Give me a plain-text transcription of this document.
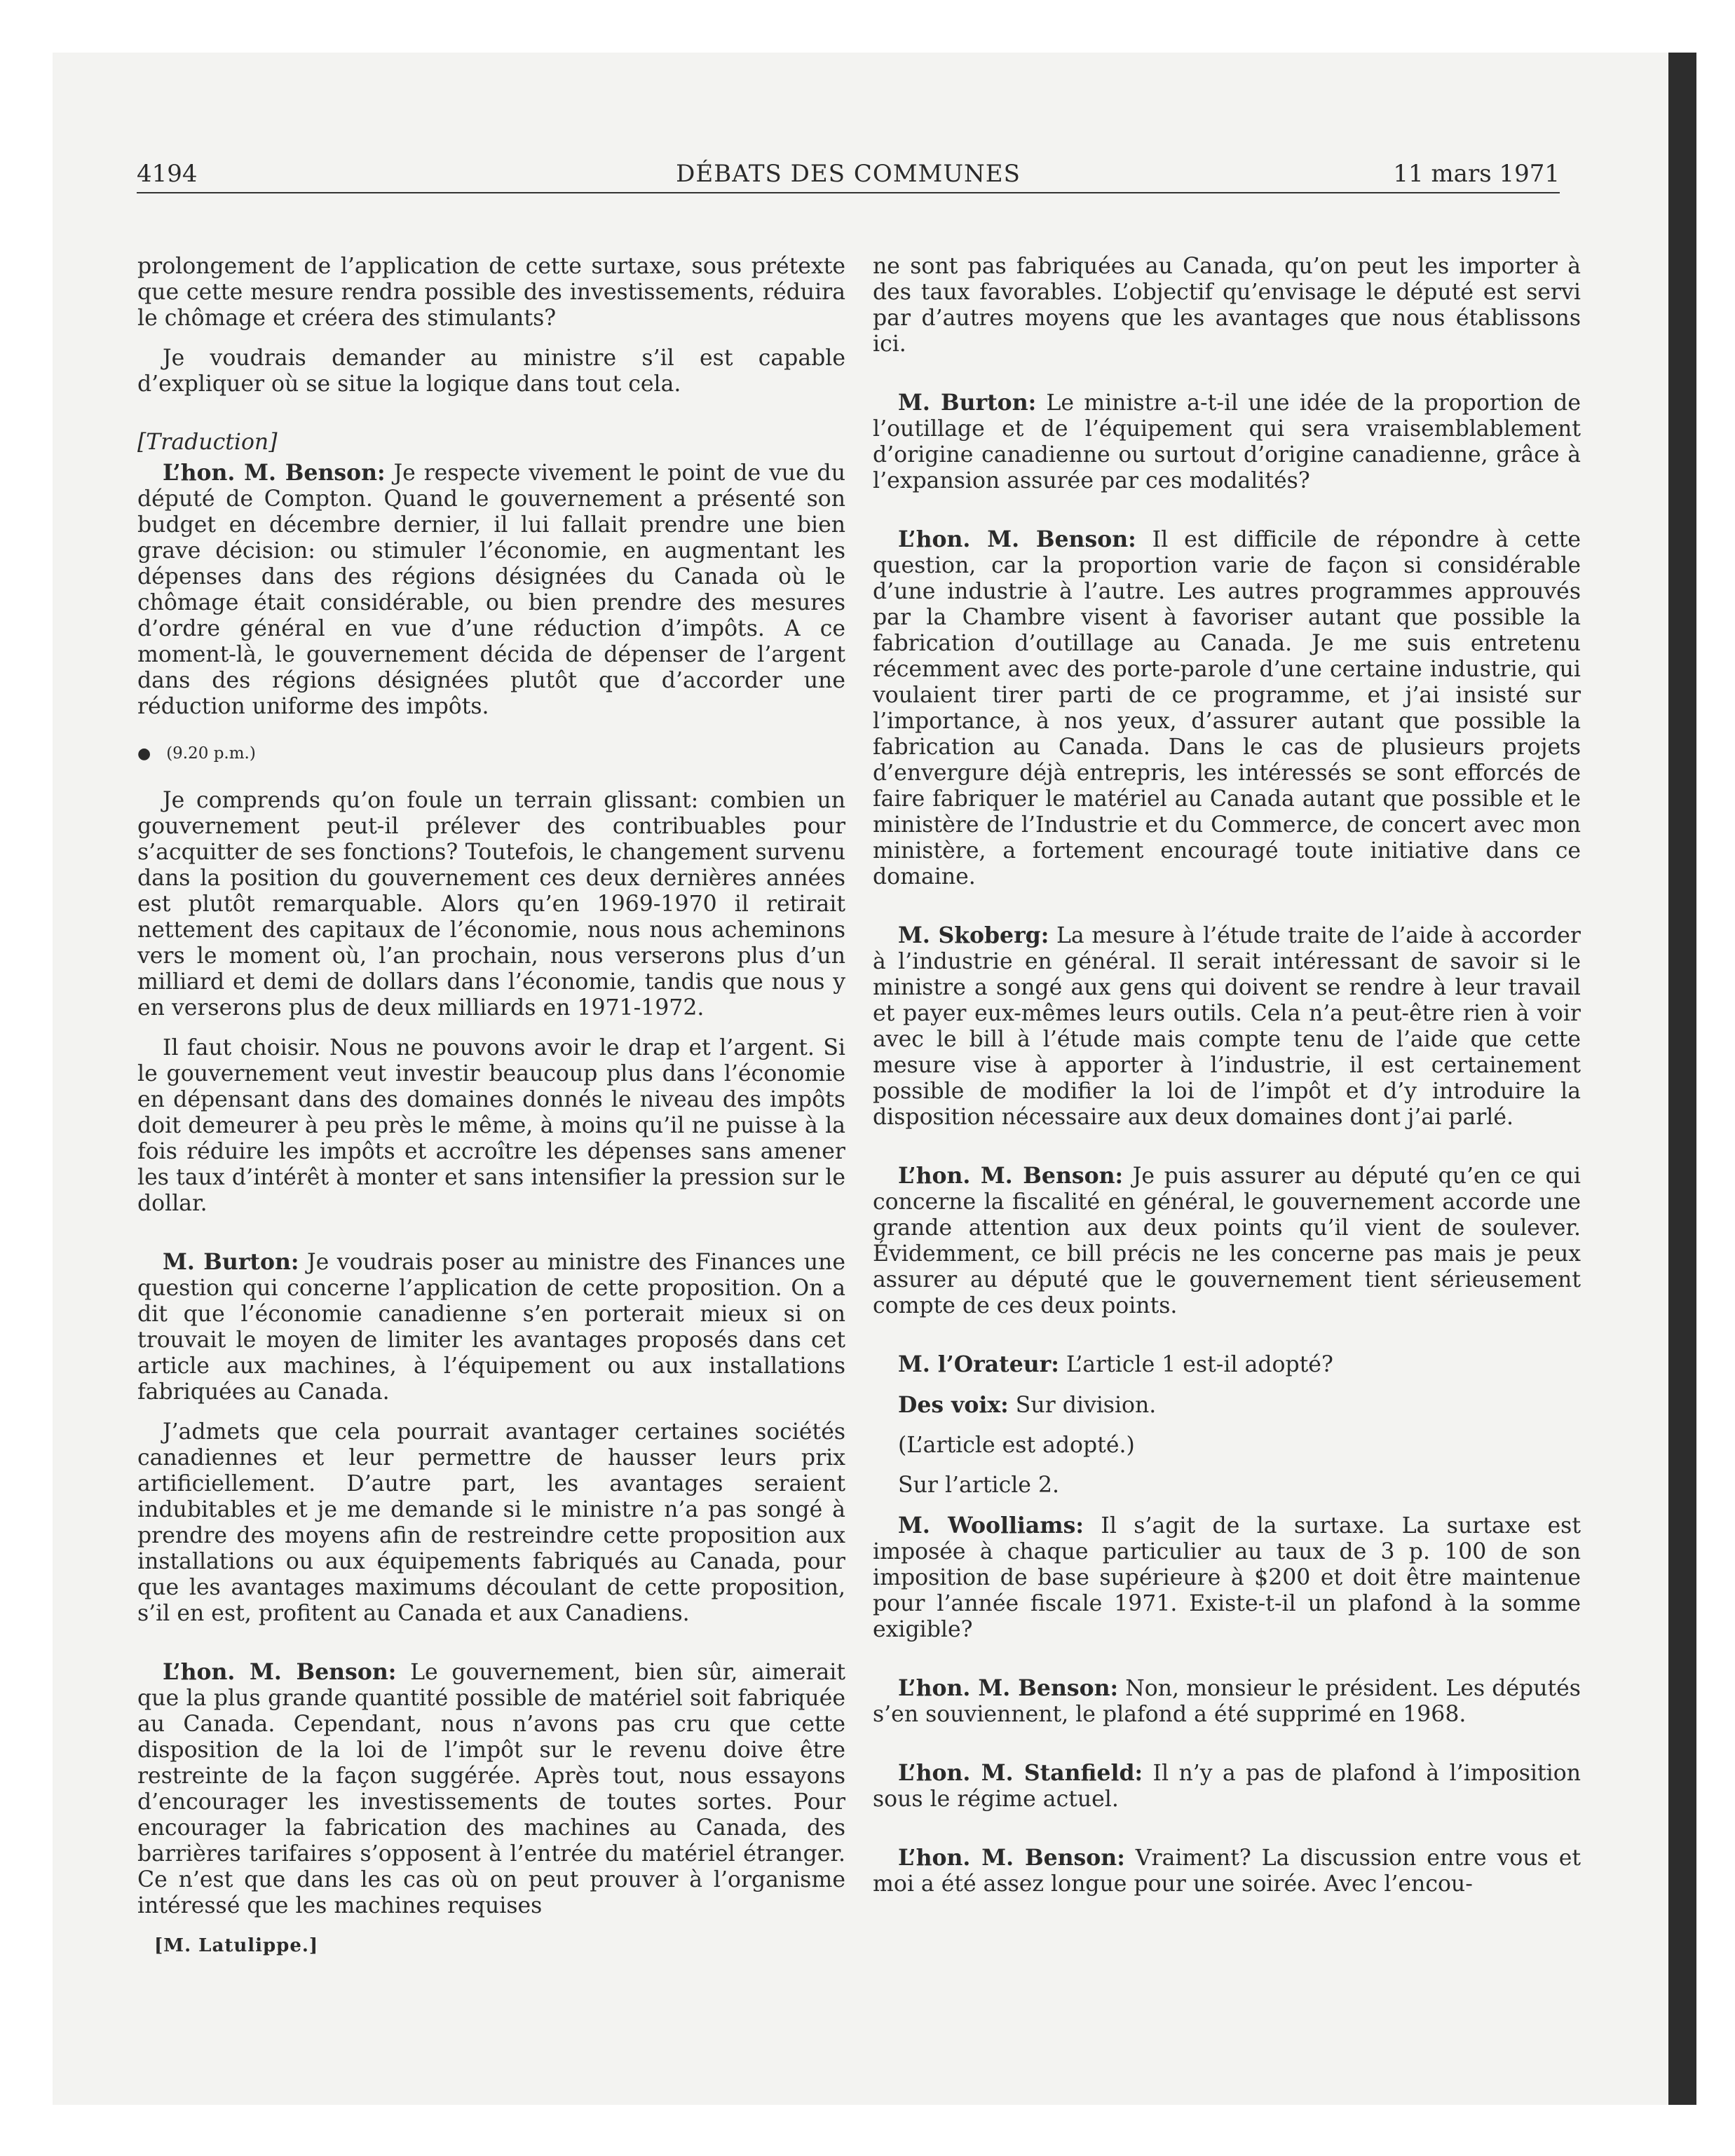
DÉBATS DES COMMUNES
4194	11 mars 1971

prolongement de l’application de cette surtaxe, sous prétexte que cette mesure rendra possible des investissements, réduira le chômage et créera des stimulants?

Je voudrais demander au ministre s’il est capable d’expliquer où se situe la logique dans tout cela.

[Traduction]

L’hon. M. Benson: Je respecte vivement le point de vue du député de Compton. Quand le gouvernement a présenté son budget en décembre dernier, il lui fallait prendre une bien grave décision: ou stimuler l’économie, en augmentant les dépenses dans des régions désignées du Canada où le chômage était considérable, ou bien prendre des mesures d’ordre général en vue d’une réduction d’impôts. A ce moment-là, le gouvernement décida de dépenser de l’argent dans des régions désignées plutôt que d’accorder une réduction uniforme des impôts.

● (9.20 p.m.)

Je comprends qu’on foule un terrain glissant: combien un gouvernement peut-il prélever des contribuables pour s’acquitter de ses fonctions? Toutefois, le changement survenu dans la position du gouvernement ces deux dernières années est plutôt remarquable. Alors qu’en 1969-1970 il retirait nettement des capitaux de l’économie, nous nous acheminons vers le moment où, l’an prochain, nous verserons plus d’un milliard et demi de dollars dans l’économie, tandis que nous y en verserons plus de deux milliards en 1971-1972.

Il faut choisir. Nous ne pouvons avoir le drap et l’argent. Si le gouvernement veut investir beaucoup plus dans l’économie en dépensant dans des domaines donnés le niveau des impôts doit demeurer à peu près le même, à moins qu’il ne puisse à la fois réduire les impôts et accroître les dépenses sans amener les taux d’intérêt à monter et sans intensifier la pression sur le dollar.

M. Burton: Je voudrais poser au ministre des Finances une question qui concerne l’application de cette proposition. On a dit que l’économie canadienne s’en porterait mieux si on trouvait le moyen de limiter les avantages proposés dans cet article aux machines, à l’équipement ou aux installations fabriquées au Canada.

J’admets que cela pourrait avantager certaines sociétés canadiennes et leur permettre de hausser leurs prix artificiellement. D’autre part, les avantages seraient indubitables et je me demande si le ministre n’a pas songé à prendre des moyens afin de restreindre cette proposition aux installations ou aux équipements fabriqués au Canada, pour que les avantages maximums découlant de cette proposition, s’il en est, profitent au Canada et aux Canadiens.

L’hon. M. Benson: Le gouvernement, bien sûr, aimerait que la plus grande quantité possible de matériel soit fabriquée au Canada. Cependant, nous n’avons pas cru que cette disposition de la loi de l’impôt sur le revenu doive être restreinte de la façon suggérée. Après tout, nous essayons d’encourager les investissements de toutes sortes. Pour encourager la fabrication des machines au Canada, des barrières tarifaires s’opposent à l’entrée du matériel étranger. Ce n’est que dans les cas où on peut prouver à l’organisme intéressé que les machines requises

[M. Latulippe.]

ne sont pas fabriquées au Canada, qu’on peut les importer à des taux favorables. L’objectif qu’envisage le député est servi par d’autres moyens que les avantages que nous établissons ici.

M. Burton: Le ministre a-t-il une idée de la proportion de l’outillage et de l’équipement qui sera vraisemblablement d’origine canadienne ou surtout d’origine canadienne, grâce à l’expansion assurée par ces modalités?

L’hon. M. Benson: Il est difficile de répondre à cette question, car la proportion varie de façon si considérable d’une industrie à l’autre. Les autres programmes approuvés par la Chambre visent à favoriser autant que possible la fabrication d’outillage au Canada. Je me suis entretenu récemment avec des porte-parole d’une certaine industrie, qui voulaient tirer parti de ce programme, et j’ai insisté sur l’importance, à nos yeux, d’assurer autant que possible la fabrication au Canada. Dans le cas de plusieurs projets d’envergure déjà entrepris, les intéressés se sont efforcés de faire fabriquer le matériel au Canada autant que possible et le ministère de l’Industrie et du Commerce, de concert avec mon ministère, a fortement encouragé toute initiative dans ce domaine.

M. Skoberg: La mesure à l’étude traite de l’aide à accorder à l’industrie en général. Il serait intéressant de savoir si le ministre a songé aux gens qui doivent se rendre à leur travail et payer eux-mêmes leurs outils. Cela n’a peut-être rien à voir avec le bill à l’étude mais compte tenu de l’aide que cette mesure vise à apporter à l’industrie, il est certainement possible de modifier la loi de l’impôt et d’y introduire la disposition nécessaire aux deux domaines dont j’ai parlé.

L’hon. M. Benson: Je puis assurer au député qu’en ce qui concerne la fiscalité en général, le gouvernement accorde une grande attention aux deux points qu’il vient de soulever. Évidemment, ce bill précis ne les concerne pas mais je peux assurer au député que le gouvernement tient sérieusement compte de ces deux points.

M. l’Orateur: L’article 1 est-il adopté?

Des voix: Sur division.

(L’article est adopté.)

Sur l’article 2.

M. Woolliams: Il s’agit de la surtaxe. La surtaxe est imposée à chaque particulier au taux de 3 p. 100 de son imposition de base supérieure à $200 et doit être maintenue pour l’année fiscale 1971. Existe-t-il un plafond à la somme exigible?

L’hon. M. Benson: Non, monsieur le président. Les députés s’en souviennent, le plafond a été supprimé en 1968.

L’hon. M. Stanfield: Il n’y a pas de plafond à l’imposition sous le régime actuel.

L’hon. M. Benson: Vraiment? La discussion entre vous et moi a été assez longue pour une soirée. Avec l’encou-
